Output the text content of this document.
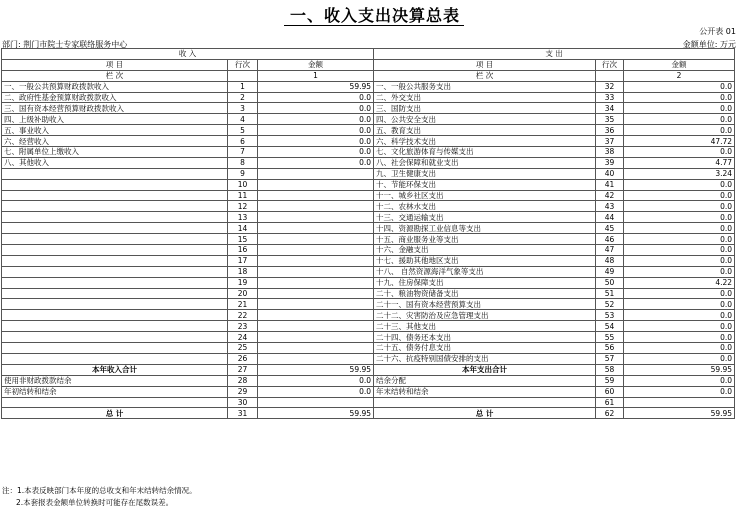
一、收入支出决算总表
公开表 01
部门: 荆门市院士专家联络服务中心	金额单位: 万元
收 入			支 出		
项 目	行次	金额	项 目	行次	金额
栏 次		1	栏 次		2
一、一般公共预算财政拨款收入	1	59.95	一、一般公共服务支出	32	0.0
二、政府性基金预算财政拨款收入	2	0.0	二、外交支出	33	0.0
三、国有资本经营预算财政拨款收入	3	0.0	三、国防支出	34	0.0
四、上级补助收入	4	0.0	四、公共安全支出	35	0.0
五、事业收入	5	0.0	五、教育支出	36	0.0
六、经营收入	6	0.0	六、科学技术支出	37	47.72
七、附属单位上缴收入	7	0.0	七、文化旅游体育与传媒支出	38	0.0
八、其他收入	8	0.0	八、社会保障和就业支出	39	4.77
	9		九、卫生健康支出	40	3.24
	10		十、节能环保支出	41	0.0
	11		十一、城乡社区支出	42	0.0
	12		十二、农林水支出	43	0.0
	13		十三、交通运输支出	44	0.0
	14		十四、资源勘探工业信息等支出	45	0.0
	15		十五、商业服务业等支出	46	0.0
	16		十六、金融支出	47	0.0
	17		十七、援助其他地区支出	48	0.0
	18		十八、 自然资源海洋气象等支出	49	0.0
	19		十九、住房保障支出	50	4.22
	20		二十、粮油物资储备支出	51	0.0
	21		二十一、国有资本经营预算支出	52	0.0
	22		二十二、灾害防治及应急管理支出	53	0.0
	23		二十三、其他支出	54	0.0
	24		二十四、债务还本支出	55	0.0
	25		二十五、债务付息支出	56	0.0
	26		二十六、抗疫特别国债安排的支出	57	0.0
本年收入合计	27	59.95	本年支出合计	58	59.95
使用非财政拨款结余	28	0.0	结余分配	59	0.0
年初结转和结余	29	0.0	年末结转和结余	60	0.0
	30			61	
总 计	31	59.95	总 计	62	59.95
注：1.本表反映部门本年度的总收支和年末结转结余情况。
2.本套报表金额单位转换时可能存在尾数误差。
